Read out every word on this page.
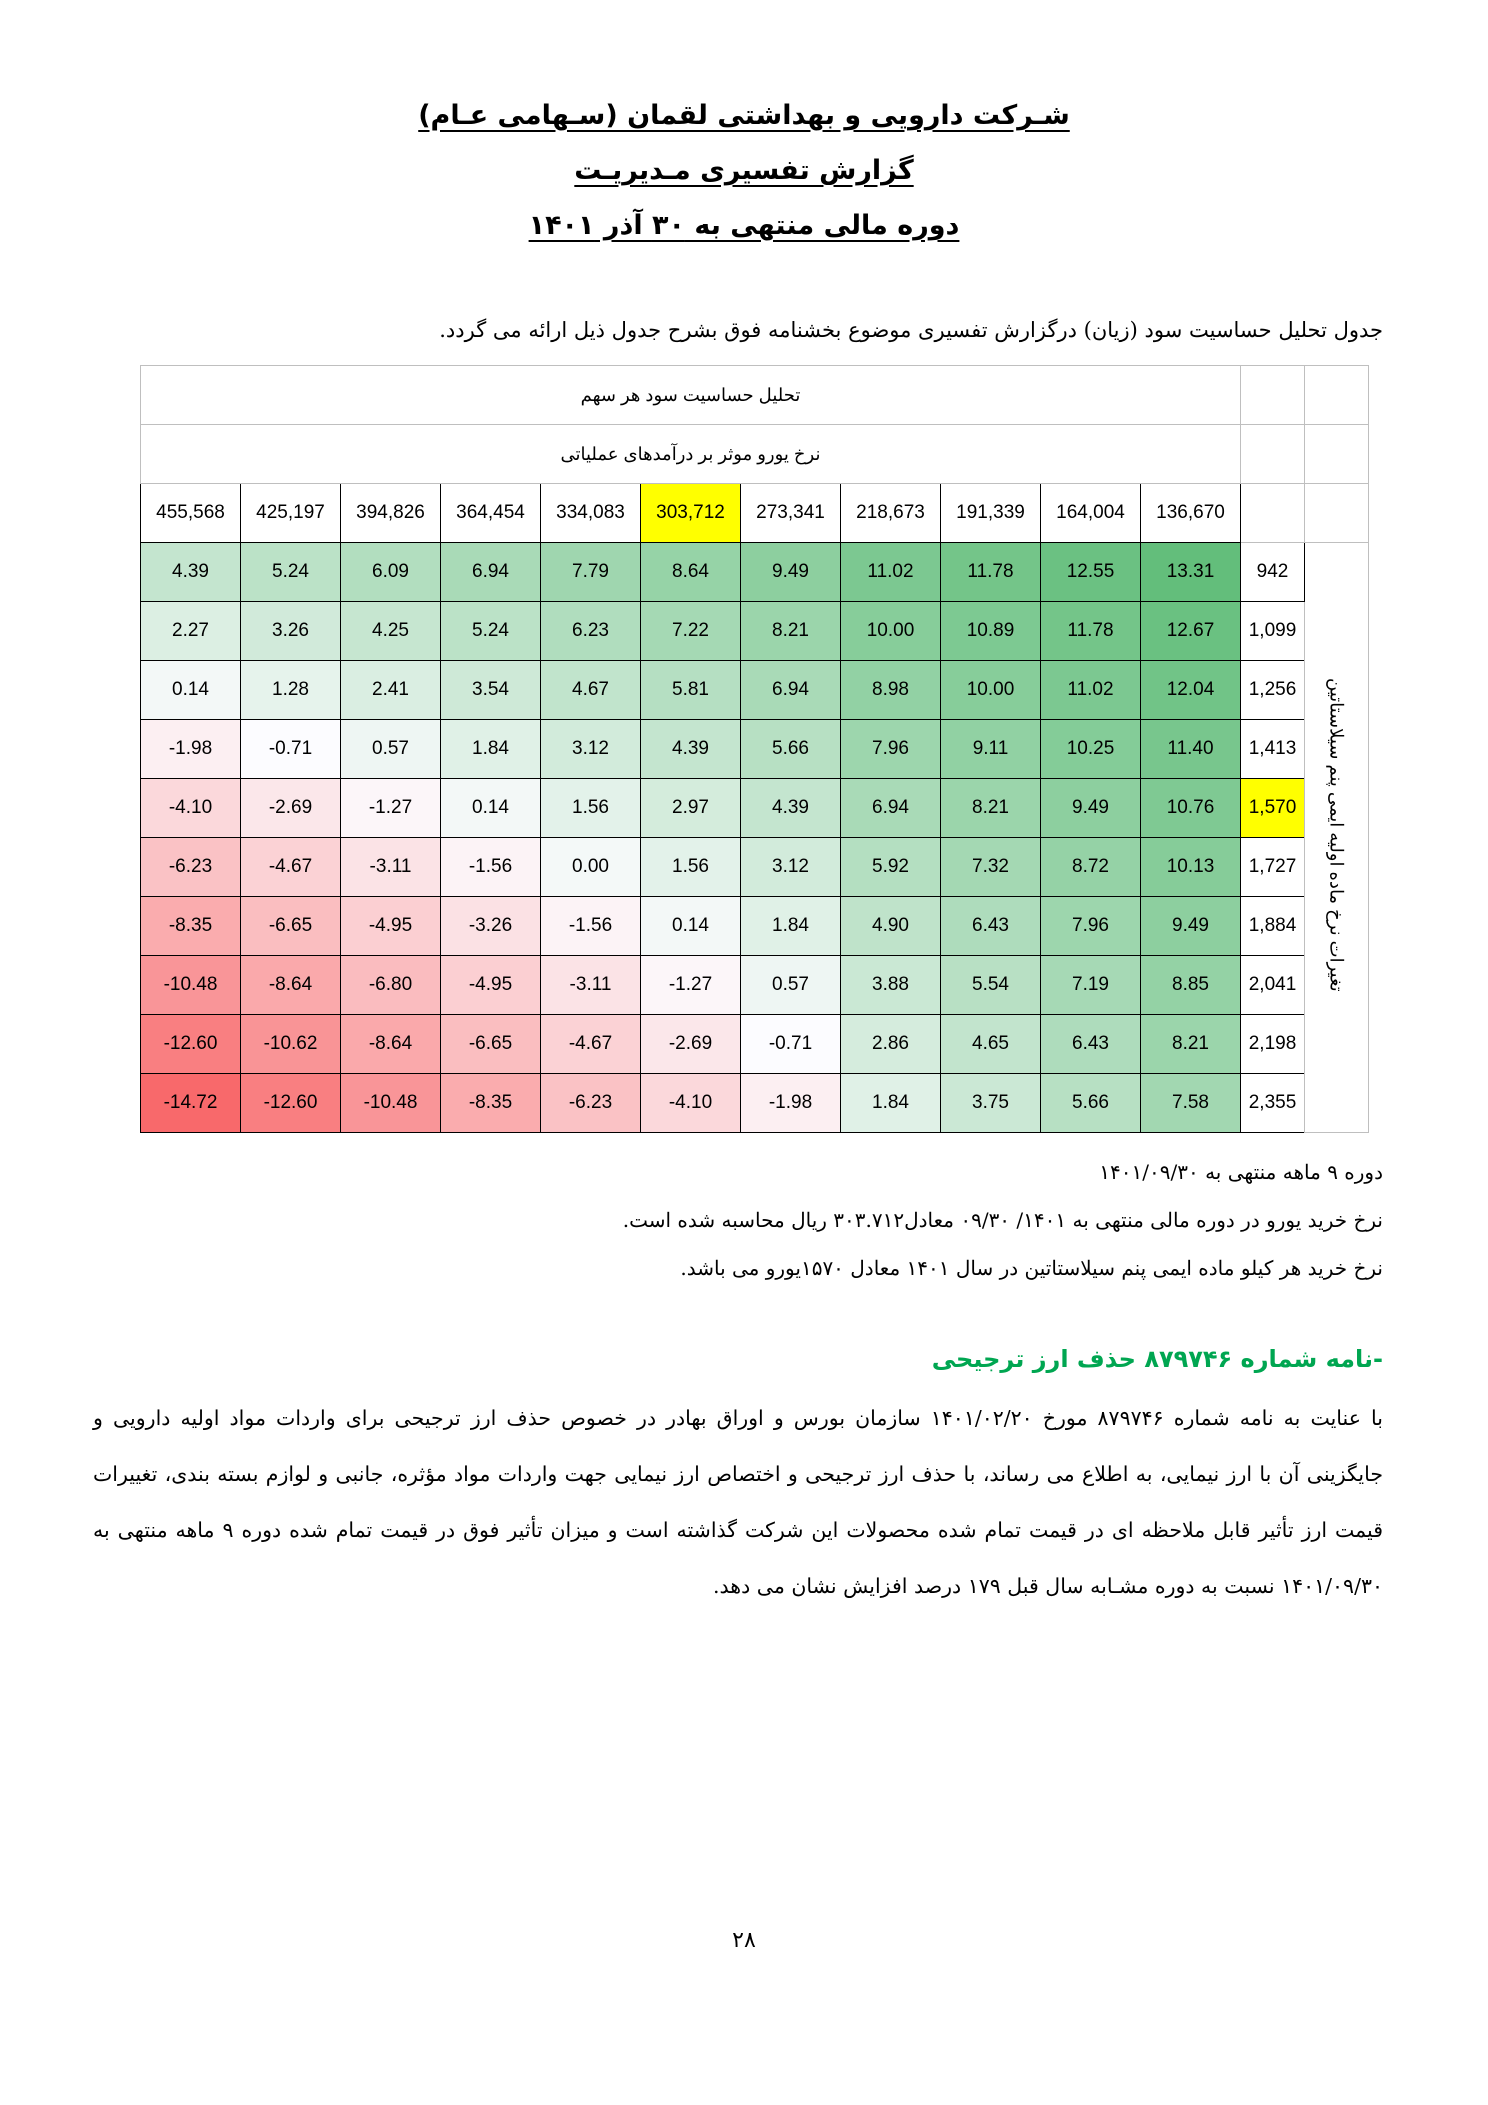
شـرکت دارویی و بهداشتی لقمان (سـهامی عـام)
گزارش تفسیری مـدیریـت
دوره مالی منتهی به ۳۰ آذر ۱۴۰۱
جدول تحلیل حساسیت سود (زیان) درگزارش تفسیری موضوع بخشنامه فوق بشرح جدول ذیل ارائه می گردد.
تحلیل حساسیت سود هر سهم												
نرخ یورو موثر بر درآمدهای عملیاتی												
455,568	425,197	394,826	364,454	334,083	303,712	273,341	218,673	191,339	164,004	136,670		
4.39	5.24	6.09	6.94	7.79	8.64	9.49	11.02	11.78	12.55	13.31	942	تغیرات نرخ ماده اولیه ایمی پنم سیلاستاتین
2.27	3.26	4.25	5.24	6.23	7.22	8.21	10.00	10.89	11.78	12.67	1,099	
0.14	1.28	2.41	3.54	4.67	5.81	6.94	8.98	10.00	11.02	12.04	1,256	
-1.98	-0.71	0.57	1.84	3.12	4.39	5.66	7.96	9.11	10.25	11.40	1,413	
-4.10	-2.69	-1.27	0.14	1.56	2.97	4.39	6.94	8.21	9.49	10.76	1,570	
-6.23	-4.67	-3.11	-1.56	0.00	1.56	3.12	5.92	7.32	8.72	10.13	1,727	
-8.35	-6.65	-4.95	-3.26	-1.56	0.14	1.84	4.90	6.43	7.96	9.49	1,884	
-10.48	-8.64	-6.80	-4.95	-3.11	-1.27	0.57	3.88	5.54	7.19	8.85	2,041	
-12.60	-10.62	-8.64	-6.65	-4.67	-2.69	-0.71	2.86	4.65	6.43	8.21	2,198	
-14.72	-12.60	-10.48	-8.35	-6.23	-4.10	-1.98	1.84	3.75	5.66	7.58	2,355	
دوره ۹ ماهه منتهی به ۱۴۰۱/۰۹/۳۰
نرخ خرید یورو در دوره مالی منتهی به ۱۴۰۱/ ۰۹/۳۰ معادل۳۰۳.۷۱۲ ریال محاسبه شده است.
نرخ خرید هر کیلو ماده ایمی پنم سیلاستاتین در سال ۱۴۰۱ معادل ۱۵۷۰یورو می باشد.
-نامه شماره ۸۷۹۷۴۶ حذف ارز ترجیحی
با عنایت به نامه شماره ۸۷۹۷۴۶ مورخ ۱۴۰۱/۰۲/۲۰ سازمان بورس و اوراق بهادر در خصوص حذف ارز ترجیحی برای واردات مواد اولیه دارویی و جایگزینی آن با ارز نیمایی، به اطلاع می رساند، با حذف ارز ترجیحی و اختصاص ارز نیمایی جهت واردات مواد مؤثره، جانبی و لوازم بسته بندی، تغییرات قیمت ارز تأثیر قابل ملاحظه ای در قیمت تمام شده محصولات این شرکت گذاشته است و میزان تأثیر فوق در قیمت تمام شده دوره ۹ ماهه منتهی به ۱۴۰۱/۰۹/۳۰ نسبت به دوره مشـابه سال قبل ۱۷۹ درصد افزایش نشان می دهد.
۲۸
